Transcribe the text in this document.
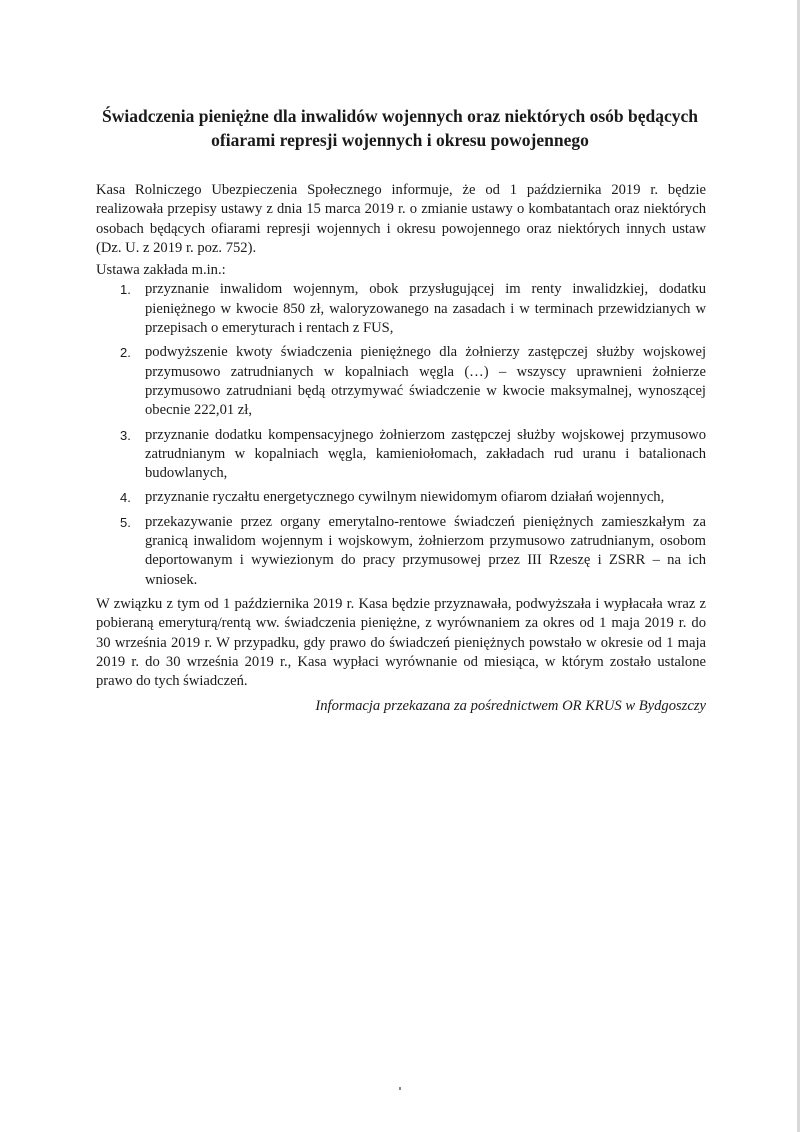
Świadczenia pieniężne dla inwalidów wojennych oraz niektórych osób będących ofiarami represji wojennych i okresu powojennego

Kasa Rolniczego Ubezpieczenia Społecznego informuje, że od 1 października 2019 r. będzie realizowała przepisy ustawy z dnia 15 marca 2019 r. o zmianie ustawy o kombatantach oraz niektórych osobach będących ofiarami represji wojennych i okresu powojennego oraz niektórych innych ustaw (Dz. U. z 2019 r. poz. 752).

Ustawa zakłada m.in.:

1. przyznanie inwalidom wojennym, obok przysługującej im renty inwalidzkiej, dodatku pieniężnego w kwocie 850 zł, waloryzowanego na zasadach i w terminach przewidzianych w przepisach o emeryturach i rentach z FUS,
2. podwyższenie kwoty świadczenia pieniężnego dla żołnierzy zastępczej służby wojskowej przymusowo zatrudnianych w kopalniach węgla (…) – wszyscy uprawnieni żołnierze przymusowo zatrudniani będą otrzymywać świadczenie w kwocie maksymalnej, wynoszącej obecnie 222,01 zł,
3. przyznanie dodatku kompensacyjnego żołnierzom zastępczej służby wojskowej przymusowo zatrudnianym w kopalniach węgla, kamieniołomach, zakładach rud uranu i batalionach budowlanych,
4. przyznanie ryczałtu energetycznego cywilnym niewidomym ofiarom działań wojennych,
5. przekazywanie przez organy emerytalno-rentowe świadczeń pieniężnych zamieszkałym za granicą inwalidom wojennym i wojskowym, żołnierzom przymusowo zatrudnianym, osobom deportowanym i wywiezionym do pracy przymusowej przez III Rzeszę i ZSRR – na ich wniosek.

W związku z tym od 1 października 2019 r. Kasa będzie przyznawała, podwyższała i wypłacała wraz z pobieraną emeryturą/rentą ww. świadczenia pieniężne, z wyrównaniem za okres od 1 maja 2019 r. do 30 września 2019 r. W przypadku, gdy prawo do świadczeń pieniężnych powstało w okresie od 1 maja 2019 r. do 30 września 2019 r., Kasa wypłaci wyrównanie od miesiąca, w którym zostało ustalone prawo do tych świadczeń.

Informacja przekazana za pośrednictwem OR KRUS w Bydgoszczy
